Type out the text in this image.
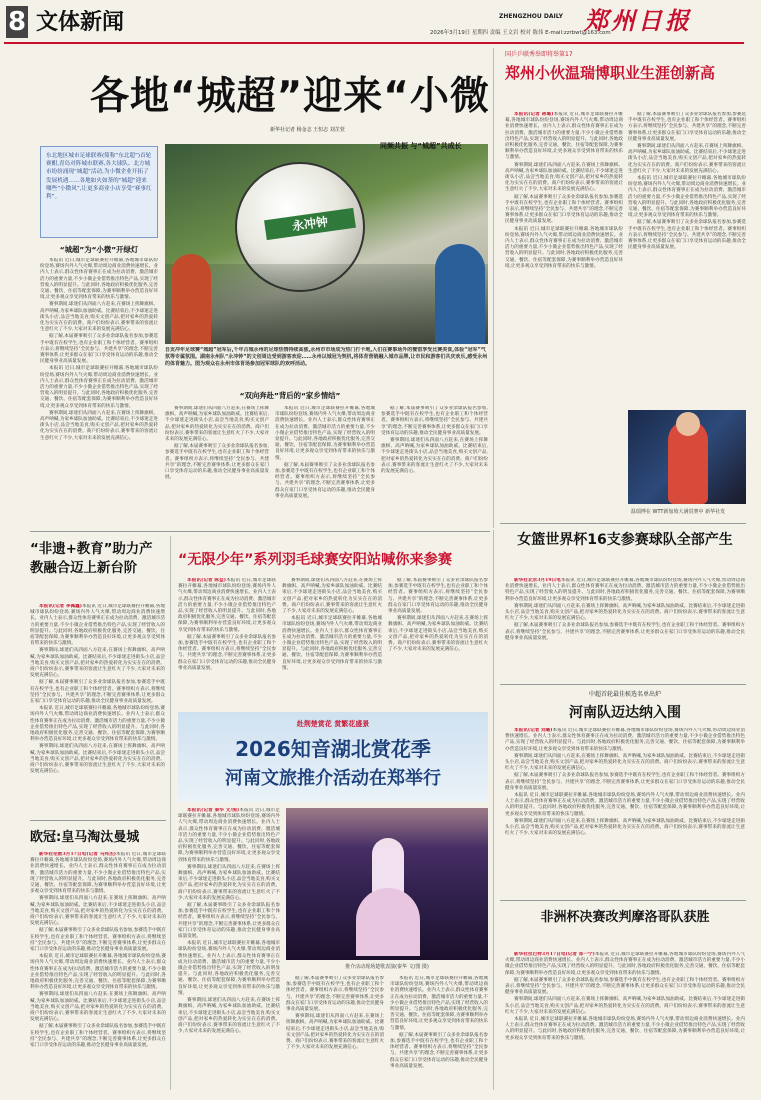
8 文体新闻	ZHENGZHOU DAILY 郑州日报
2026年3月19日 星期四 责编 王文岩 校对 陈伟 E-mail:zzrbwt@163.com
各地“城超”迎来“小微
新华社记者 杨金志 王恒志 刘芷萱
东北地区城市足球联赛(简称“东北超”)首轮赛酣,青岛对阵城市联赛,各大球队、北方城市纷纷涌现“城超”活动,为小微企业开拓了发展机遇……各地如火如荼的“城超”迎来哪些“小微风”,让更多商业小店享受“赛事红利”。
永冲钟
自贡冲年足球赛“城超”冠军后,千年古城永州的足球热情持续高涨,永州市市场成为热门打卡地,人们在赛事场外的餐馆享受比赛美食,体验“冠军”气氛等专属氛围。湖南永州队“永冲钟”的文创周边受到游客欢迎……永州以城冠为契机,将体育营销融入城市品牌,让市民和游客们共庆欢乐,感受永州的体育魅力。图为观众在永州市体育场参加冠军球队的欢呼活动。
“城超”为“小微”开绿灯

本报讯 近日,城市足球联赛拉开帷幕,各地城市球队纷纷登场,赛场内外人气火爆,带动周边商业消费快速增长。业内人士表示,群众性体育赛事正在成为拉动消费、激活城市活力的重要力量,不少小微企业借势推出特色产品,实现了经营收入的明显提升。与此同时,各地政府积极优化服务,完善交通、餐饮、住宿等配套保障,为赛事顺利举办营造良好环境,让更多观众享受到体育带来的快乐与激情。

赛事期间,球迷们从四面八方赶来,在赛场上挥舞旗帜、高声呐喊,为家乡球队加油助威。比赛结束后,不少球迷走进街头小店,品尝当地美食,购买文创产品,把对家乡的热爱转化为实实在在的消费。商户们纷纷表示,赛事带来的客流让生意红火了不少,大家对未来的发展充满信心。

据了解,本届赛事吸引了众多业余球队报名参加,参赛选手中既有在校学生,也有企业职工和个体经营者。赛事组织方表示,将继续坚持“全民参与、共建共享”的理念,不断完善赛事体系,让更多群众在家门口享受体育运动的乐趣,推动全民健身事业高质量发展。

本报讯 近日,城市足球联赛拉开帷幕,各地城市球队纷纷登场,赛场内外人气火爆,带动周边商业消费快速增长。业内人士表示,群众性体育赛事正在成为拉动消费、激活城市活力的重要力量,不少小微企业借势推出特色产品,实现了经营收入的明显提升。与此同时,各地政府积极优化服务,完善交通、餐饮、住宿等配套保障,为赛事顺利举办营造良好环境,让更多观众享受到体育带来的快乐与激情。

赛事期间,球迷们从四面八方赶来,在赛场上挥舞旗帜、高声呐喊,为家乡球队加油助威。比赛结束后,不少球迷走进街头小店,品尝当地美食,购买文创产品,把对家乡的热爱转化为实实在在的消费。商户们纷纷表示,赛事带来的客流让生意红火了不少,大家对未来的发展充满信心。

“双向奔赴”背后的“家乡情结”

赛事期间,球迷们从四面八方赶来,在赛场上挥舞旗帜、高声呐喊,为家乡球队加油助威。比赛结束后,不少球迷走进街头小店,品尝当地美食,购买文创产品,把对家乡的热爱转化为实实在在的消费。商户们纷纷表示,赛事带来的客流让生意红火了不少,大家对未来的发展充满信心。

据了解,本届赛事吸引了众多业余球队报名参加,参赛选手中既有在校学生,也有企业职工和个体经营者。赛事组织方表示,将继续坚持“全民参与、共建共享”的理念,不断完善赛事体系,让更多群众在家门口享受体育运动的乐趣,推动全民健身事业高质量发展。

本报讯 近日,城市足球联赛拉开帷幕,各地城市球队纷纷登场,赛场内外人气火爆,带动周边商业消费快速增长。业内人士表示,群众性体育赛事正在成为拉动消费、激活城市活力的重要力量,不少小微企业借势推出特色产品,实现了经营收入的明显提升。与此同时,各地政府积极优化服务,完善交通、餐饮、住宿等配套保障,为赛事顺利举办营造良好环境,让更多观众享受到体育带来的快乐与激情。

据了解,本届赛事吸引了众多业余球队报名参加,参赛选手中既有在校学生,也有企业职工和个体经营者。赛事组织方表示,将继续坚持“全民参与、共建共享”的理念,不断完善赛事体系,让更多群众在家门口享受体育运动的乐趣,推动全民健身事业高质量发展。

据了解,本届赛事吸引了众多业余球队报名参加,参赛选手中既有在校学生,也有企业职工和个体经营者。赛事组织方表示,将继续坚持“全民参与、共建共享”的理念,不断完善赛事体系,让更多群众在家门口享受体育运动的乐趣,推动全民健身事业高质量发展。

赛事期间,球迷们从四面八方赶来,在赛场上挥舞旗帜、高声呐喊,为家乡球队加油助威。比赛结束后,不少球迷走进街头小店,品尝当地美食,购买文创产品,把对家乡的热爱转化为实实在在的消费。商户们纷纷表示,赛事带来的客流让生意红火了不少,大家对未来的发展充满信心。

同频共振 与“城超”共成长
国乒乒联秀举即将举第17
郑州小伙温瑞博职业生涯创新高

本报讯(记者 蒋璐)本报讯 近日,城市足球联赛拉开帷幕,各地城市球队纷纷登场,赛场内外人气火爆,带动周边商业消费快速增长。业内人士表示,群众性体育赛事正在成为拉动消费、激活城市活力的重要力量,不少小微企业借势推出特色产品,实现了经营收入的明显提升。与此同时,各地政府积极优化服务,完善交通、餐饮、住宿等配套保障,为赛事顺利举办营造良好环境,让更多观众享受到体育带来的快乐与激情。

赛事期间,球迷们从四面八方赶来,在赛场上挥舞旗帜、高声呐喊,为家乡球队加油助威。比赛结束后,不少球迷走进街头小店,品尝当地美食,购买文创产品,把对家乡的热爱转化为实实在在的消费。商户们纷纷表示,赛事带来的客流让生意红火了不少,大家对未来的发展充满信心。

据了解,本届赛事吸引了众多业余球队报名参加,参赛选手中既有在校学生,也有企业职工和个体经营者。赛事组织方表示,将继续坚持“全民参与、共建共享”的理念,不断完善赛事体系,让更多群众在家门口享受体育运动的乐趣,推动全民健身事业高质量发展。

本报讯 近日,城市足球联赛拉开帷幕,各地城市球队纷纷登场,赛场内外人气火爆,带动周边商业消费快速增长。业内人士表示,群众性体育赛事正在成为拉动消费、激活城市活力的重要力量,不少小微企业借势推出特色产品,实现了经营收入的明显提升。与此同时,各地政府积极优化服务,完善交通、餐饮、住宿等配套保障,为赛事顺利举办营造良好环境,让更多观众享受到体育带来的快乐与激情。

据了解,本届赛事吸引了众多业余球队报名参加,参赛选手中既有在校学生,也有企业职工和个体经营者。赛事组织方表示,将继续坚持“全民参与、共建共享”的理念,不断完善赛事体系,让更多群众在家门口享受体育运动的乐趣,推动全民健身事业高质量发展。

赛事期间,球迷们从四面八方赶来,在赛场上挥舞旗帜、高声呐喊,为家乡球队加油助威。比赛结束后,不少球迷走进街头小店,品尝当地美食,购买文创产品,把对家乡的热爱转化为实实在在的消费。商户们纷纷表示,赛事带来的客流让生意红火了不少,大家对未来的发展充满信心。

本报讯 近日,城市足球联赛拉开帷幕,各地城市球队纷纷登场,赛场内外人气火爆,带动周边商业消费快速增长。业内人士表示,群众性体育赛事正在成为拉动消费、激活城市活力的重要力量,不少小微企业借势推出特色产品,实现了经营收入的明显提升。与此同时,各地政府积极优化服务,完善交通、餐饮、住宿等配套保障,为赛事顺利举办营造良好环境,让更多观众享受到体育带来的快乐与激情。

据了解,本届赛事吸引了众多业余球队报名参加,参赛选手中既有在校学生,也有企业职工和个体经营者。赛事组织方表示,将继续坚持“全民参与、共建共享”的理念,不断完善赛事体系,让更多群众在家门口享受体育运动的乐趣,推动全民健身事业高质量发展。

温瑞博在 WTT新加坡大满贯赛中 新华社发
女篮世界杯16支参赛球队全部产生

新华社北京3月19日电本报讯 近日,城市足球联赛拉开帷幕,各地城市球队纷纷登场,赛场内外人气火爆,带动周边商业消费快速增长。业内人士表示,群众性体育赛事正在成为拉动消费、激活城市活力的重要力量,不少小微企业借势推出特色产品,实现了经营收入的明显提升。与此同时,各地政府积极优化服务,完善交通、餐饮、住宿等配套保障,为赛事顺利举办营造良好环境,让更多观众享受到体育带来的快乐与激情。

赛事期间,球迷们从四面八方赶来,在赛场上挥舞旗帜、高声呐喊,为家乡球队加油助威。比赛结束后,不少球迷走进街头小店,品尝当地美食,购买文创产品,把对家乡的热爱转化为实实在在的消费。商户们纷纷表示,赛事带来的客流让生意红火了不少,大家对未来的发展充满信心。

据了解,本届赛事吸引了众多业余球队报名参加,参赛选手中既有在校学生,也有企业职工和个体经营者。赛事组织方表示,将继续坚持“全民参与、共建共享”的理念,不断完善赛事体系,让更多群众在家门口享受体育运动的乐趣,推动全民健身事业高质量发展。

中超首轮最佳候选名单出炉
河南队迈达纳入围

本报讯(记者 刘璐)本报讯 近日,城市足球联赛拉开帷幕,各地城市球队纷纷登场,赛场内外人气火爆,带动周边商业消费快速增长。业内人士表示,群众性体育赛事正在成为拉动消费、激活城市活力的重要力量,不少小微企业借势推出特色产品,实现了经营收入的明显提升。与此同时,各地政府积极优化服务,完善交通、餐饮、住宿等配套保障,为赛事顺利举办营造良好环境,让更多观众享受到体育带来的快乐与激情。

赛事期间,球迷们从四面八方赶来,在赛场上挥舞旗帜、高声呐喊,为家乡球队加油助威。比赛结束后,不少球迷走进街头小店,品尝当地美食,购买文创产品,把对家乡的热爱转化为实实在在的消费。商户们纷纷表示,赛事带来的客流让生意红火了不少,大家对未来的发展充满信心。

据了解,本届赛事吸引了众多业余球队报名参加,参赛选手中既有在校学生,也有企业职工和个体经营者。赛事组织方表示,将继续坚持“全民参与、共建共享”的理念,不断完善赛事体系,让更多群众在家门口享受体育运动的乐趣,推动全民健身事业高质量发展。

本报讯 近日,城市足球联赛拉开帷幕,各地城市球队纷纷登场,赛场内外人气火爆,带动周边商业消费快速增长。业内人士表示,群众性体育赛事正在成为拉动消费、激活城市活力的重要力量,不少小微企业借势推出特色产品,实现了经营收入的明显提升。与此同时,各地政府积极优化服务,完善交通、餐饮、住宿等配套保障,为赛事顺利举办营造良好环境,让更多观众享受到体育带来的快乐与激情。

赛事期间,球迷们从四面八方赶来,在赛场上挥舞旗帜、高声呐喊,为家乡球队加油助威。比赛结束后,不少球迷走进街头小店,品尝当地美食,购买文创产品,把对家乡的热爱转化为实实在在的消费。商户们纷纷表示,赛事带来的客流让生意红火了不少,大家对未来的发展充满信心。

非洲杯决赛改判摩洛哥队获胜

新华社拉巴特3月17日电(记者 郑一宁)本报讯 近日,城市足球联赛拉开帷幕,各地城市球队纷纷登场,赛场内外人气火爆,带动周边商业消费快速增长。业内人士表示,群众性体育赛事正在成为拉动消费、激活城市活力的重要力量,不少小微企业借势推出特色产品,实现了经营收入的明显提升。与此同时,各地政府积极优化服务,完善交通、餐饮、住宿等配套保障,为赛事顺利举办营造良好环境,让更多观众享受到体育带来的快乐与激情。

据了解,本届赛事吸引了众多业余球队报名参加,参赛选手中既有在校学生,也有企业职工和个体经营者。赛事组织方表示,将继续坚持“全民参与、共建共享”的理念,不断完善赛事体系,让更多群众在家门口享受体育运动的乐趣,推动全民健身事业高质量发展。

赛事期间,球迷们从四面八方赶来,在赛场上挥舞旗帜、高声呐喊,为家乡球队加油助威。比赛结束后,不少球迷走进街头小店,品尝当地美食,购买文创产品,把对家乡的热爱转化为实实在在的消费。商户们纷纷表示,赛事带来的客流让生意红火了不少,大家对未来的发展充满信心。

本报讯 近日,城市足球联赛拉开帷幕,各地城市球队纷纷登场,赛场内外人气火爆,带动周边商业消费快速增长。业内人士表示,群众性体育赛事正在成为拉动消费、激活城市活力的重要力量,不少小微企业借势推出特色产品,实现了经营收入的明显提升。与此同时,各地政府积极优化服务,完善交通、餐饮、住宿等配套保障,为赛事顺利举办营造良好环境,让更多观众享受到体育带来的快乐与激情。

“非遗+教育”助力产教融合迈上新台阶

本报讯(记者 李佩鑫)本报讯 近日,城市足球联赛拉开帷幕,各地城市球队纷纷登场,赛场内外人气火爆,带动周边商业消费快速增长。业内人士表示,群众性体育赛事正在成为拉动消费、激活城市活力的重要力量,不少小微企业借势推出特色产品,实现了经营收入的明显提升。与此同时,各地政府积极优化服务,完善交通、餐饮、住宿等配套保障,为赛事顺利举办营造良好环境,让更多观众享受到体育带来的快乐与激情。

赛事期间,球迷们从四面八方赶来,在赛场上挥舞旗帜、高声呐喊,为家乡球队加油助威。比赛结束后,不少球迷走进街头小店,品尝当地美食,购买文创产品,把对家乡的热爱转化为实实在在的消费。商户们纷纷表示,赛事带来的客流让生意红火了不少,大家对未来的发展充满信心。

据了解,本届赛事吸引了众多业余球队报名参加,参赛选手中既有在校学生,也有企业职工和个体经营者。赛事组织方表示,将继续坚持“全民参与、共建共享”的理念,不断完善赛事体系,让更多群众在家门口享受体育运动的乐趣,推动全民健身事业高质量发展。

本报讯 近日,城市足球联赛拉开帷幕,各地城市球队纷纷登场,赛场内外人气火爆,带动周边商业消费快速增长。业内人士表示,群众性体育赛事正在成为拉动消费、激活城市活力的重要力量,不少小微企业借势推出特色产品,实现了经营收入的明显提升。与此同时,各地政府积极优化服务,完善交通、餐饮、住宿等配套保障,为赛事顺利举办营造良好环境,让更多观众享受到体育带来的快乐与激情。

赛事期间,球迷们从四面八方赶来,在赛场上挥舞旗帜、高声呐喊,为家乡球队加油助威。比赛结束后,不少球迷走进街头小店,品尝当地美食,购买文创产品,把对家乡的热爱转化为实实在在的消费。商户们纷纷表示,赛事带来的客流让生意红火了不少,大家对未来的发展充满信心。

“无限少年”系列羽毛球赛安阳站喊你来参赛

本报讯(记者 陈益)本报讯 近日,城市足球联赛拉开帷幕,各地城市球队纷纷登场,赛场内外人气火爆,带动周边商业消费快速增长。业内人士表示,群众性体育赛事正在成为拉动消费、激活城市活力的重要力量,不少小微企业借势推出特色产品,实现了经营收入的明显提升。与此同时,各地政府积极优化服务,完善交通、餐饮、住宿等配套保障,为赛事顺利举办营造良好环境,让更多观众享受到体育带来的快乐与激情。

据了解,本届赛事吸引了众多业余球队报名参加,参赛选手中既有在校学生,也有企业职工和个体经营者。赛事组织方表示,将继续坚持“全民参与、共建共享”的理念,不断完善赛事体系,让更多群众在家门口享受体育运动的乐趣,推动全民健身事业高质量发展。

赛事期间,球迷们从四面八方赶来,在赛场上挥舞旗帜、高声呐喊,为家乡球队加油助威。比赛结束后,不少球迷走进街头小店,品尝当地美食,购买文创产品,把对家乡的热爱转化为实实在在的消费。商户们纷纷表示,赛事带来的客流让生意红火了不少,大家对未来的发展充满信心。

本报讯 近日,城市足球联赛拉开帷幕,各地城市球队纷纷登场,赛场内外人气火爆,带动周边商业消费快速增长。业内人士表示,群众性体育赛事正在成为拉动消费、激活城市活力的重要力量,不少小微企业借势推出特色产品,实现了经营收入的明显提升。与此同时,各地政府积极优化服务,完善交通、餐饮、住宿等配套保障,为赛事顺利举办营造良好环境,让更多观众享受到体育带来的快乐与激情。

据了解,本届赛事吸引了众多业余球队报名参加,参赛选手中既有在校学生,也有企业职工和个体经营者。赛事组织方表示,将继续坚持“全民参与、共建共享”的理念,不断完善赛事体系,让更多群众在家门口享受体育运动的乐趣,推动全民健身事业高质量发展。

赛事期间,球迷们从四面八方赶来,在赛场上挥舞旗帜、高声呐喊,为家乡球队加油助威。比赛结束后,不少球迷走进街头小店,品尝当地美食,购买文创产品,把对家乡的热爱转化为实实在在的消费。商户们纷纷表示,赛事带来的客流让生意红火了不少,大家对未来的发展充满信心。

赴荆楚赏花 赏繁花盛景
2026知音湖北赏花季
河南文旅推介活动在郑举行

本报讯(记者 秦华 文/图)本报讯 近日,城市足球联赛拉开帷幕,各地城市球队纷纷登场,赛场内外人气火爆,带动周边商业消费快速增长。业内人士表示,群众性体育赛事正在成为拉动消费、激活城市活力的重要力量,不少小微企业借势推出特色产品,实现了经营收入的明显提升。与此同时,各地政府积极优化服务,完善交通、餐饮、住宿等配套保障,为赛事顺利举办营造良好环境,让更多观众享受到体育带来的快乐与激情。

赛事期间,球迷们从四面八方赶来,在赛场上挥舞旗帜、高声呐喊,为家乡球队加油助威。比赛结束后,不少球迷走进街头小店,品尝当地美食,购买文创产品,把对家乡的热爱转化为实实在在的消费。商户们纷纷表示,赛事带来的客流让生意红火了不少,大家对未来的发展充满信心。

据了解,本届赛事吸引了众多业余球队报名参加,参赛选手中既有在校学生,也有企业职工和个体经营者。赛事组织方表示,将继续坚持“全民参与、共建共享”的理念,不断完善赛事体系,让更多群众在家门口享受体育运动的乐趣,推动全民健身事业高质量发展。

本报讯 近日,城市足球联赛拉开帷幕,各地城市球队纷纷登场,赛场内外人气火爆,带动周边商业消费快速增长。业内人士表示,群众性体育赛事正在成为拉动消费、激活城市活力的重要力量,不少小微企业借势推出特色产品,实现了经营收入的明显提升。与此同时,各地政府积极优化服务,完善交通、餐饮、住宿等配套保障,为赛事顺利举办营造良好环境,让更多观众享受到体育带来的快乐与激情。

赛事期间,球迷们从四面八方赶来,在赛场上挥舞旗帜、高声呐喊,为家乡球队加油助威。比赛结束后,不少球迷走进街头小店,品尝当地美食,购买文创产品,把对家乡的热爱转化为实实在在的消费。商户们纷纷表示,赛事带来的客流让生意红火了不少,大家对未来的发展充满信心。

推介活动现场楚歌表演(秦华 文/图 摄)

据了解,本届赛事吸引了众多业余球队报名参加,参赛选手中既有在校学生,也有企业职工和个体经营者。赛事组织方表示,将继续坚持“全民参与、共建共享”的理念,不断完善赛事体系,让更多群众在家门口享受体育运动的乐趣,推动全民健身事业高质量发展。

赛事期间,球迷们从四面八方赶来,在赛场上挥舞旗帜、高声呐喊,为家乡球队加油助威。比赛结束后,不少球迷走进街头小店,品尝当地美食,购买文创产品,把对家乡的热爱转化为实实在在的消费。商户们纷纷表示,赛事带来的客流让生意红火了不少,大家对未来的发展充满信心。

本报讯 近日,城市足球联赛拉开帷幕,各地城市球队纷纷登场,赛场内外人气火爆,带动周边商业消费快速增长。业内人士表示,群众性体育赛事正在成为拉动消费、激活城市活力的重要力量,不少小微企业借势推出特色产品,实现了经营收入的明显提升。与此同时,各地政府积极优化服务,完善交通、餐饮、住宿等配套保障,为赛事顺利举办营造良好环境,让更多观众享受到体育带来的快乐与激情。

据了解,本届赛事吸引了众多业余球队报名参加,参赛选手中既有在校学生,也有企业职工和个体经营者。赛事组织方表示,将继续坚持“全民参与、共建共享”的理念,不断完善赛事体系,让更多群众在家门口享受体育运动的乐趣,推动全民健身事业高质量发展。

欧冠:皇马淘汰曼城

新华社伦敦3月17日电(记者 马邦杰)本报讯 近日,城市足球联赛拉开帷幕,各地城市球队纷纷登场,赛场内外人气火爆,带动周边商业消费快速增长。业内人士表示,群众性体育赛事正在成为拉动消费、激活城市活力的重要力量,不少小微企业借势推出特色产品,实现了经营收入的明显提升。与此同时,各地政府积极优化服务,完善交通、餐饮、住宿等配套保障,为赛事顺利举办营造良好环境,让更多观众享受到体育带来的快乐与激情。

赛事期间,球迷们从四面八方赶来,在赛场上挥舞旗帜、高声呐喊,为家乡球队加油助威。比赛结束后,不少球迷走进街头小店,品尝当地美食,购买文创产品,把对家乡的热爱转化为实实在在的消费。商户们纷纷表示,赛事带来的客流让生意红火了不少,大家对未来的发展充满信心。

据了解,本届赛事吸引了众多业余球队报名参加,参赛选手中既有在校学生,也有企业职工和个体经营者。赛事组织方表示,将继续坚持“全民参与、共建共享”的理念,不断完善赛事体系,让更多群众在家门口享受体育运动的乐趣,推动全民健身事业高质量发展。

本报讯 近日,城市足球联赛拉开帷幕,各地城市球队纷纷登场,赛场内外人气火爆,带动周边商业消费快速增长。业内人士表示,群众性体育赛事正在成为拉动消费、激活城市活力的重要力量,不少小微企业借势推出特色产品,实现了经营收入的明显提升。与此同时,各地政府积极优化服务,完善交通、餐饮、住宿等配套保障,为赛事顺利举办营造良好环境,让更多观众享受到体育带来的快乐与激情。

赛事期间,球迷们从四面八方赶来,在赛场上挥舞旗帜、高声呐喊,为家乡球队加油助威。比赛结束后,不少球迷走进街头小店,品尝当地美食,购买文创产品,把对家乡的热爱转化为实实在在的消费。商户们纷纷表示,赛事带来的客流让生意红火了不少,大家对未来的发展充满信心。

据了解,本届赛事吸引了众多业余球队报名参加,参赛选手中既有在校学生,也有企业职工和个体经营者。赛事组织方表示,将继续坚持“全民参与、共建共享”的理念,不断完善赛事体系,让更多群众在家门口享受体育运动的乐趣,推动全民健身事业高质量发展。
